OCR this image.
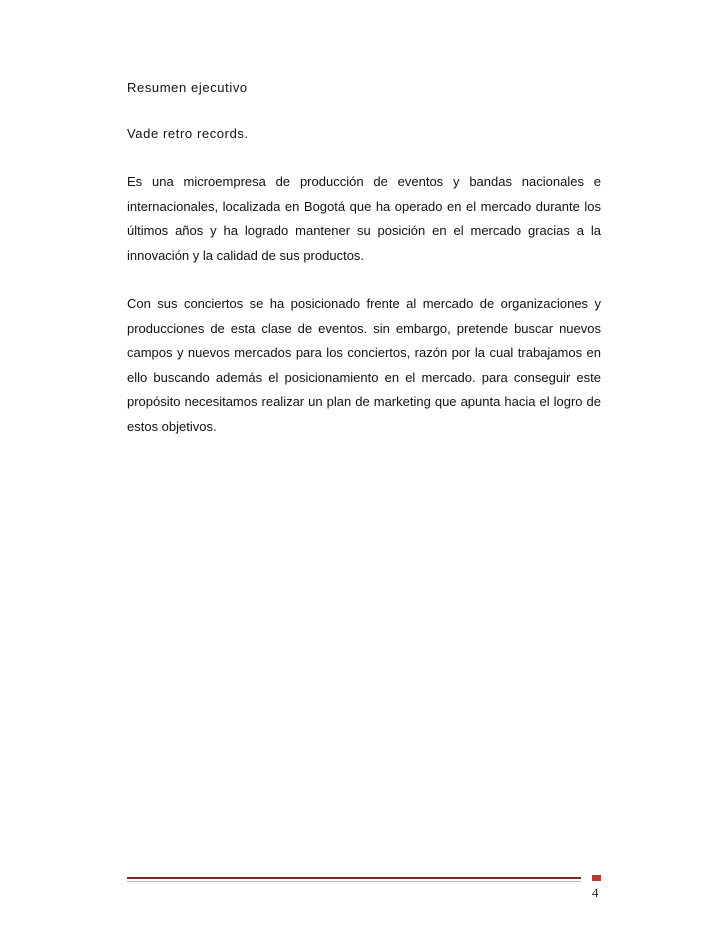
Resumen ejecutivo

Vade retro records.

Es una microempresa de producción de eventos y bandas nacionales e internacionales, localizada en Bogotá que ha operado en el mercado durante los últimos años y ha logrado mantener su posición en el mercado gracias a la innovación y la calidad de sus productos.

Con sus conciertos se ha posicionado frente al mercado de organizaciones y producciones de esta clase de eventos. sin embargo, pretende buscar nuevos campos y nuevos mercados para los conciertos, razón por la cual trabajamos en ello buscando además el posicionamiento en el mercado. para conseguir este propósito necesitamos realizar un plan de marketing que apunta hacia el logro de estos objetivos.

4
